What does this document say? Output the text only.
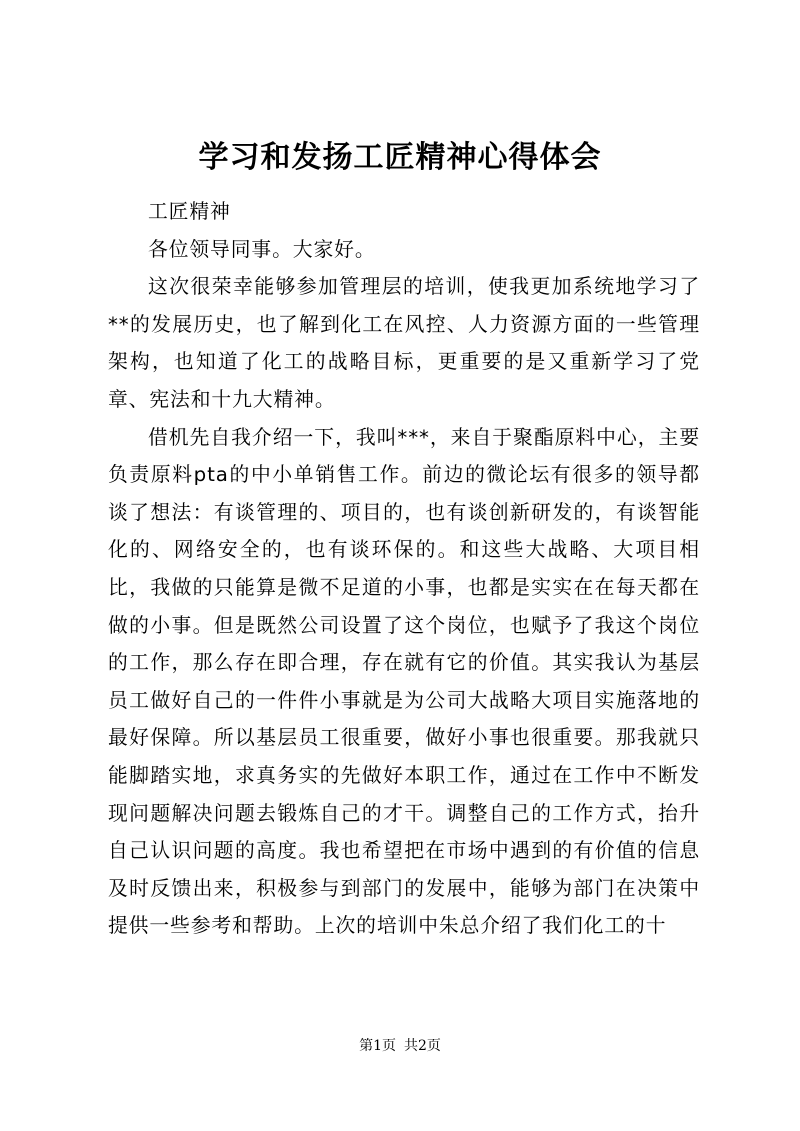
学习和发扬工匠精神心得体会

工匠精神

各位领导同事。大家好。

这次很荣幸能够参加管理层的培训，使我更加系统地学习了**的发展历史，也了解到化工在风控、人力资源方面的一些管理架构，也知道了化工的战略目标，更重要的是又重新学习了党章、宪法和十九大精神。

借机先自我介绍一下，我叫***，来自于聚酯原料中心，主要负责原料pta的中小单销售工作。前边的微论坛有很多的领导都谈了想法：有谈管理的、项目的，也有谈创新研发的，有谈智能化的、网络安全的，也有谈环保的。和这些大战略、大项目相比，我做的只能算是微不足道的小事，也都是实实在在每天都在做的小事。但是既然公司设置了这个岗位，也赋予了我这个岗位的工作，那么存在即合理，存在就有它的价值。其实我认为基层员工做好自己的一件件小事就是为公司大战略大项目实施落地的最好保障。所以基层员工很重要，做好小事也很重要。那我就只能脚踏实地，求真务实的先做好本职工作，通过在工作中不断发现问题解决问题去锻炼自己的才干。调整自己的工作方式，抬升自己认识问题的高度。我也希望把在市场中遇到的有价值的信息及时反馈出来，积极参与到部门的发展中，能够为部门在决策中提供一些参考和帮助。上次的培训中朱总介绍了我们化工的十

第1页 共2页
